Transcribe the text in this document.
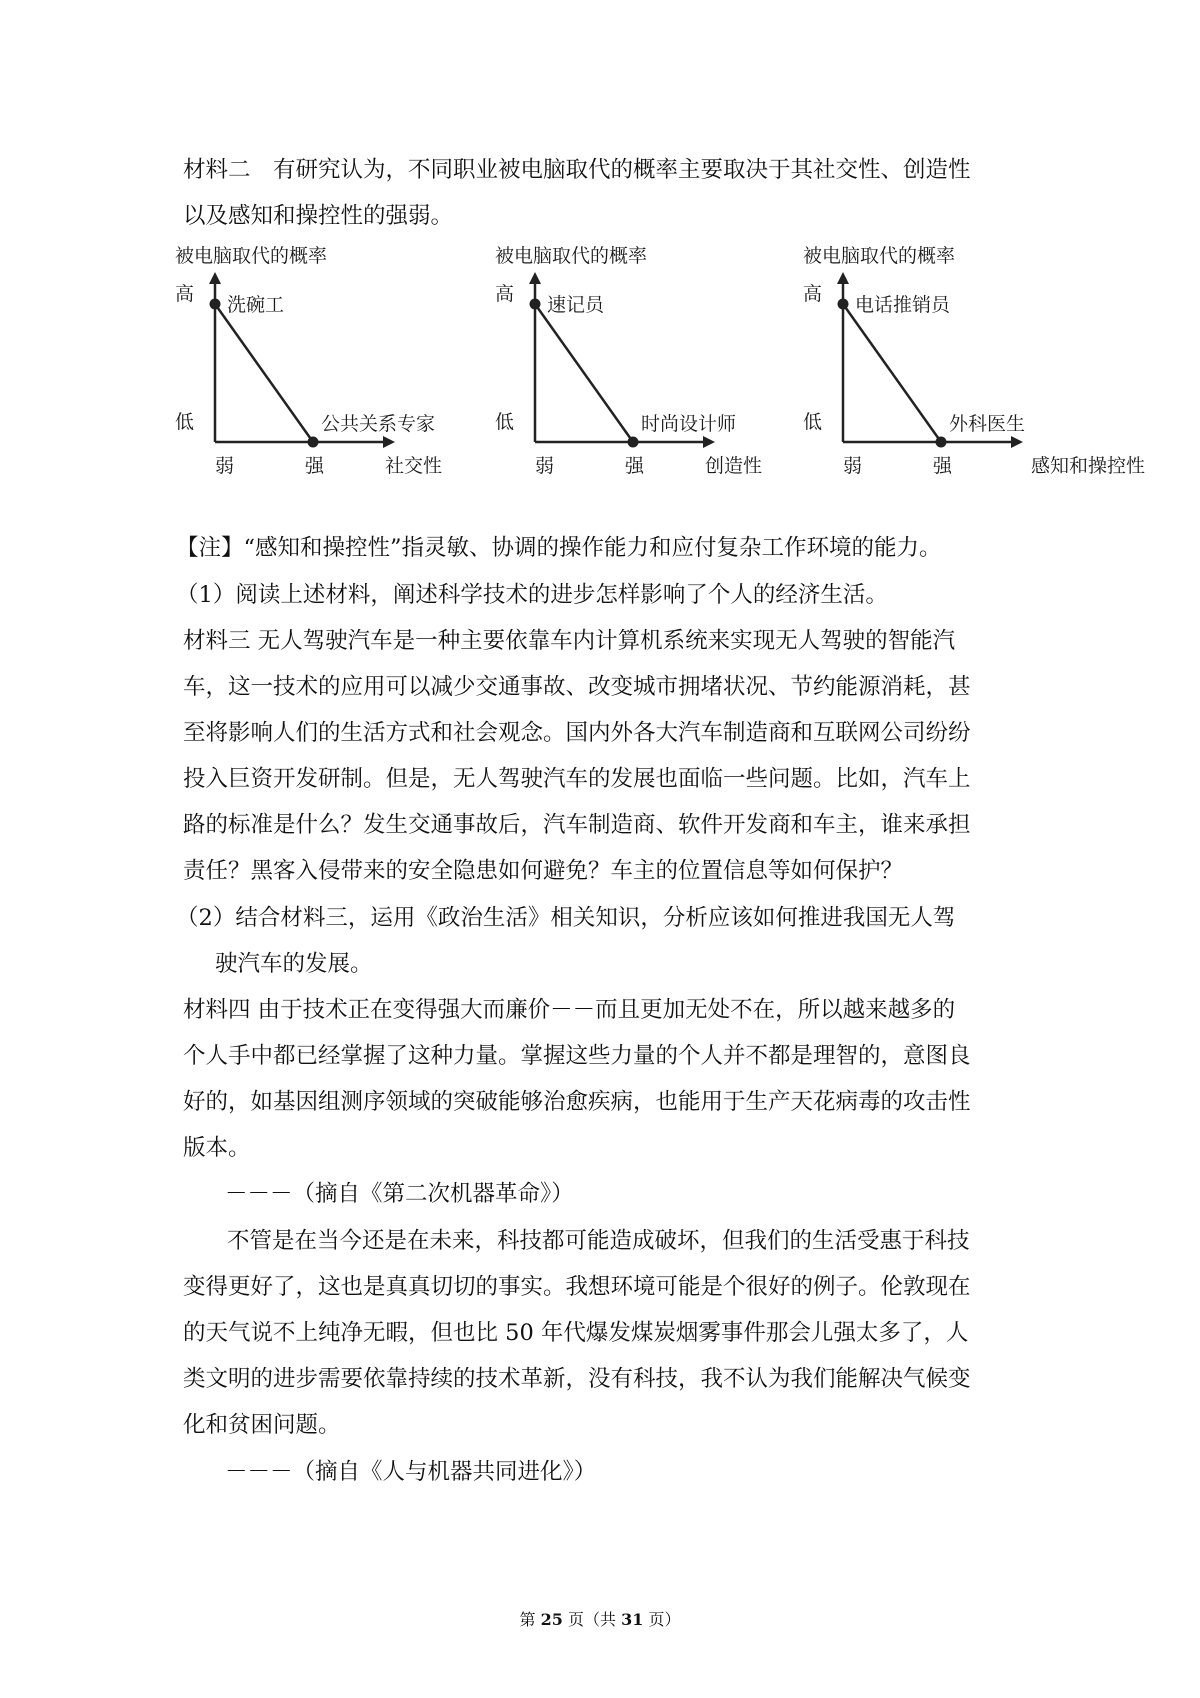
材料二　有研究认为，不同职业被电脑取代的概率主要取决于其社交性、创造性

以及感知和操控性的强弱。

被电脑取代的概率
低
高
弱	强	社交性
洗碗工
公共关系专家
被电脑取代的概率
低
高
弱	强	创造性
速记员
时尚设计师
被电脑取代的概率
低
高
弱	强	感知和操控性
电话推销员
外科医生

【注】“感知和操控性”指灵敏、协调的操作能力和应付复杂工作环境的能力。

（1）阅读上述材料，阐述科学技术的进步怎样影响了个人的经济生活。

材料三 无人驾驶汽车是一种主要依靠车内计算机系统来实现无人驾驶的智能汽

车，这一技术的应用可以减少交通事故、改变城市拥堵状况、节约能源消耗，甚

至将影响人们的生活方式和社会观念。国内外各大汽车制造商和互联网公司纷纷

投入巨资开发研制。但是，无人驾驶汽车的发展也面临一些问题。比如，汽车上

路的标准是什么？发生交通事故后，汽车制造商、软件开发商和车主，谁来承担

责任？黑客入侵带来的安全隐患如何避免？车主的位置信息等如何保护？

（2）结合材料三，运用《政治生活》相关知识，分析应该如何推进我国无人驾

驶汽车的发展。

材料四 由于技术正在变得强大而廉价－－而且更加无处不在，所以越来越多的

个人手中都已经掌握了这种力量。掌握这些力量的个人并不都是理智的，意图良

好的，如基因组测序领域的突破能够治愈疾病，也能用于生产天花病毒的攻击性

版本。

－－－（摘自《第二次机器革命》）

不管是在当今还是在未来，科技都可能造成破坏，但我们的生活受惠于科技

变得更好了，这也是真真切切的事实。我想环境可能是个很好的例子。伦敦现在

的天气说不上纯净无暇，但也比 50 年代爆发煤炭烟雾事件那会儿强太多了，人

类文明的进步需要依靠持续的技术革新，没有科技，我不认为我们能解决气候变

化和贫困问题。

－－－（摘自《人与机器共同进化》）

第 25 页（共 31 页）
